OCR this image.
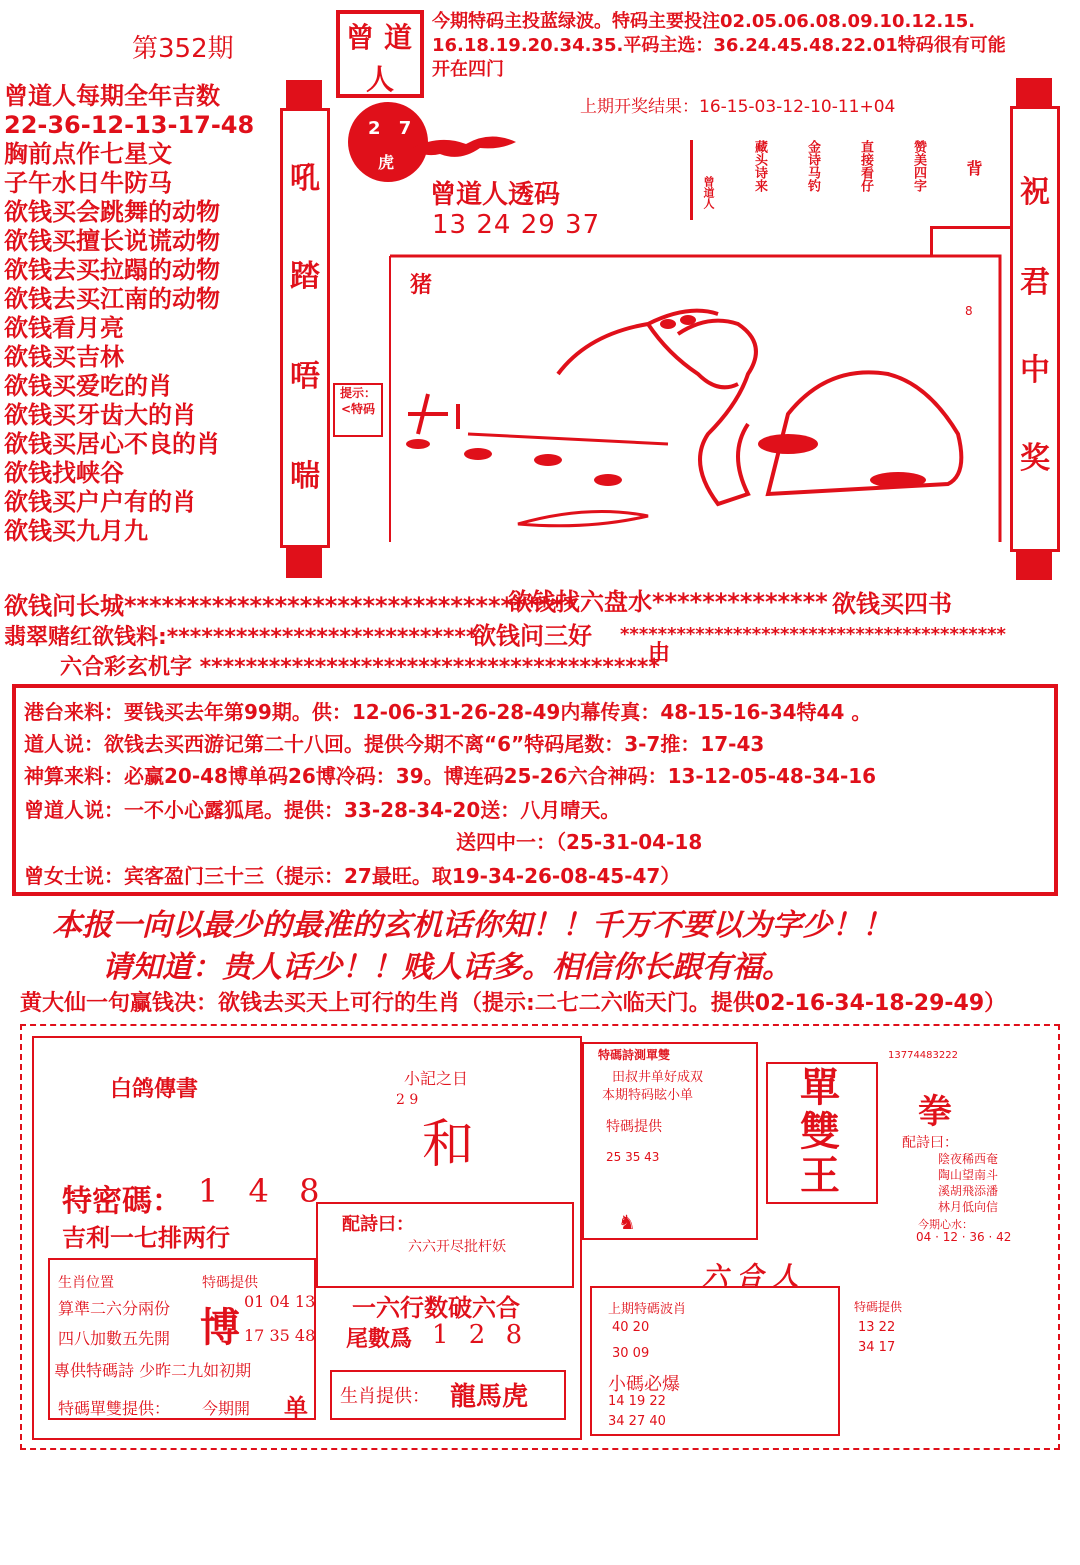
第352期	曾 道
人
今期特码主投蓝绿波。特码主要投注02.05.06.08.09.10.12.15.
16.18.19.20.34.35.平码主选：36.24.45.48.22.01特码很有可能
开在四门
上期开奖结果：16-15-03-12-10-11+04
曾道人每期全年吉数
22-36-12-13-17-48
胸前点作七星文
子午水日牛防马
欲钱买会跳舞的动物
欲钱买擅长说谎动物
欲钱去买拉蹋的动物
欲钱去买江南的动物
欲钱看月亮
欲钱买吉林
欲钱买爱吃的肖
欲钱买牙齿大的肖
欲钱买居心不良的肖
欲钱找峡谷
欲钱买户户有的肖
欲钱买九月九
吼
踏
唔
喘
祝
君
中
奖
2 7
虎
曾道人透码
13 24 29 37
曾道人
藏头诗来	金诗马钓	直接看仔	赞美四字 背
猪
8
提示：<特码
欲钱问长城************************************
欲钱找六盘水************** 欲钱买四书
翡翠赌红欲钱料:***************************
欲钱问三好 *****************************************
六合彩玄机字 ****************************************
由
港台来料：要钱买去年第99期。供：12-06-31-26-28-49内幕传真：48-15-16-34特44 。
道人说：欲钱去买西游记第二十八回。提供今期不离“6”特码尾数：3-7推：17-43
神算来料：必赢20-48博单码26博冷码：39。博连码25-26六合神码：13-12-05-48-34-16
曾道人说：一不小心露狐尾。提供：33-28-34-20送：八月晴天。
送四中一：（25-31-04-18
曾女士说：宾客盈门三十三（提示：27最旺。取19-34-26-08-45-47）
本报一向以最少的最准的玄机话你知！！千万不要以为字少！！
请知道：贵人话少！！贱人话多。相信你长跟有福。
黄大仙一句赢钱决：欲钱去买天上可行的生肖（提示:二七二六临天门。提供02-16-34-18-29-49）
白鸽傳書
特密碼： 1 4 8
吉利一七排两行
生肖位置
算準二六分兩份
四八加數五先開
特碼提供
博
01 04 13
17 35 48
專供特碼詩 少昨二九如初期
特碼單雙提供： 今期開 单
小記之日
2 9
和
配詩曰：
六六开尽批杆妖
一六行数破六合
尾數爲 1 2 8
生肖提供： 龍馬虎
特碼詩測單雙
田叔井单好成双
本期特码眩小单
特碼提供
25 35 43
♞
單
雙
王
13774483222
拳
配詩曰：
陰夜稀西奄
陶山望南斗
溪胡飛添潘
林月低向信
今期心水：
04 · 12 · 36 · 42
六 合 人
上期特碼波肖
40 20
30 09
小碼必爆
14 19 22
34 27 40
特碼提供
13 22
34 17
